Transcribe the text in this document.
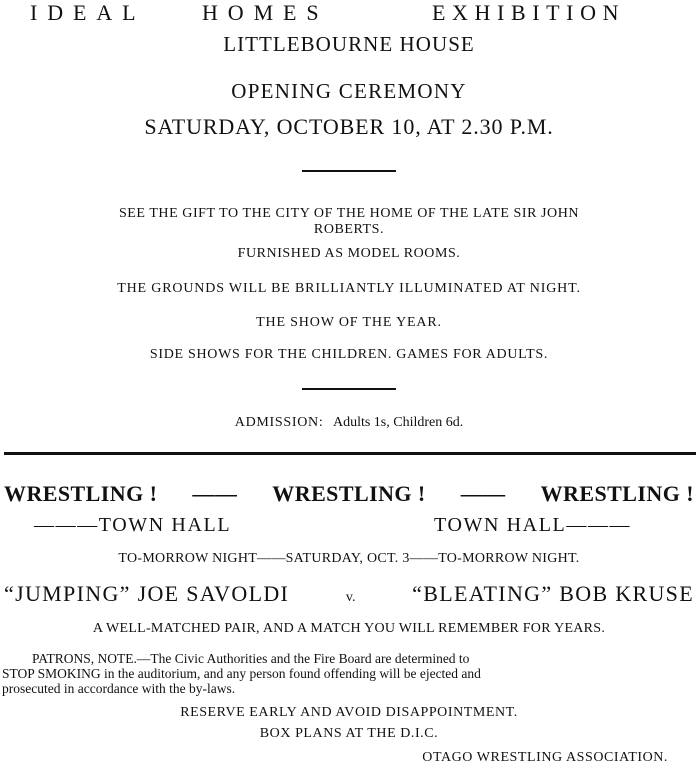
IDEAL	HOMES	EXHIBITION
LITTLEBOURNE HOUSE
OPENING CEREMONY
SATURDAY, OCTOBER 10, AT 2.30 P.M.
SEE THE GIFT TO THE CITY OF THE HOME OF THE LATE SIR JOHN
ROBERTS.
FURNISHED AS MODEL ROOMS.
THE GROUNDS WILL BE BRILLIANTLY ILLUMINATED AT NIGHT.
THE SHOW OF THE YEAR.
SIDE SHOWS FOR THE CHILDREN. GAMES FOR ADULTS.
ADMISSION: Adults 1s, Children 6d.
WRESTLING ! —— WRESTLING ! —— WRESTLING !
———TOWN HALL	TOWN HALL———
TO-MORROW NIGHT——SATURDAY, OCT. 3——TO-MORROW NIGHT.
“JUMPING” JOE SAVOLDI	v.	“BLEATING” BOB KRUSE
A WELL-MATCHED PAIR, AND A MATCH YOU WILL REMEMBER FOR YEARS.
PATRONS, NOTE.—The Civic Authorities and the Fire Board are determined to
STOP SMOKING in the auditorium, and any person found offending will be ejected and
prosecuted in accordance with the by-laws.
RESERVE EARLY AND AVOID DISAPPOINTMENT.
BOX PLANS AT THE D.I.C.
OTAGO WRESTLING ASSOCIATION.
